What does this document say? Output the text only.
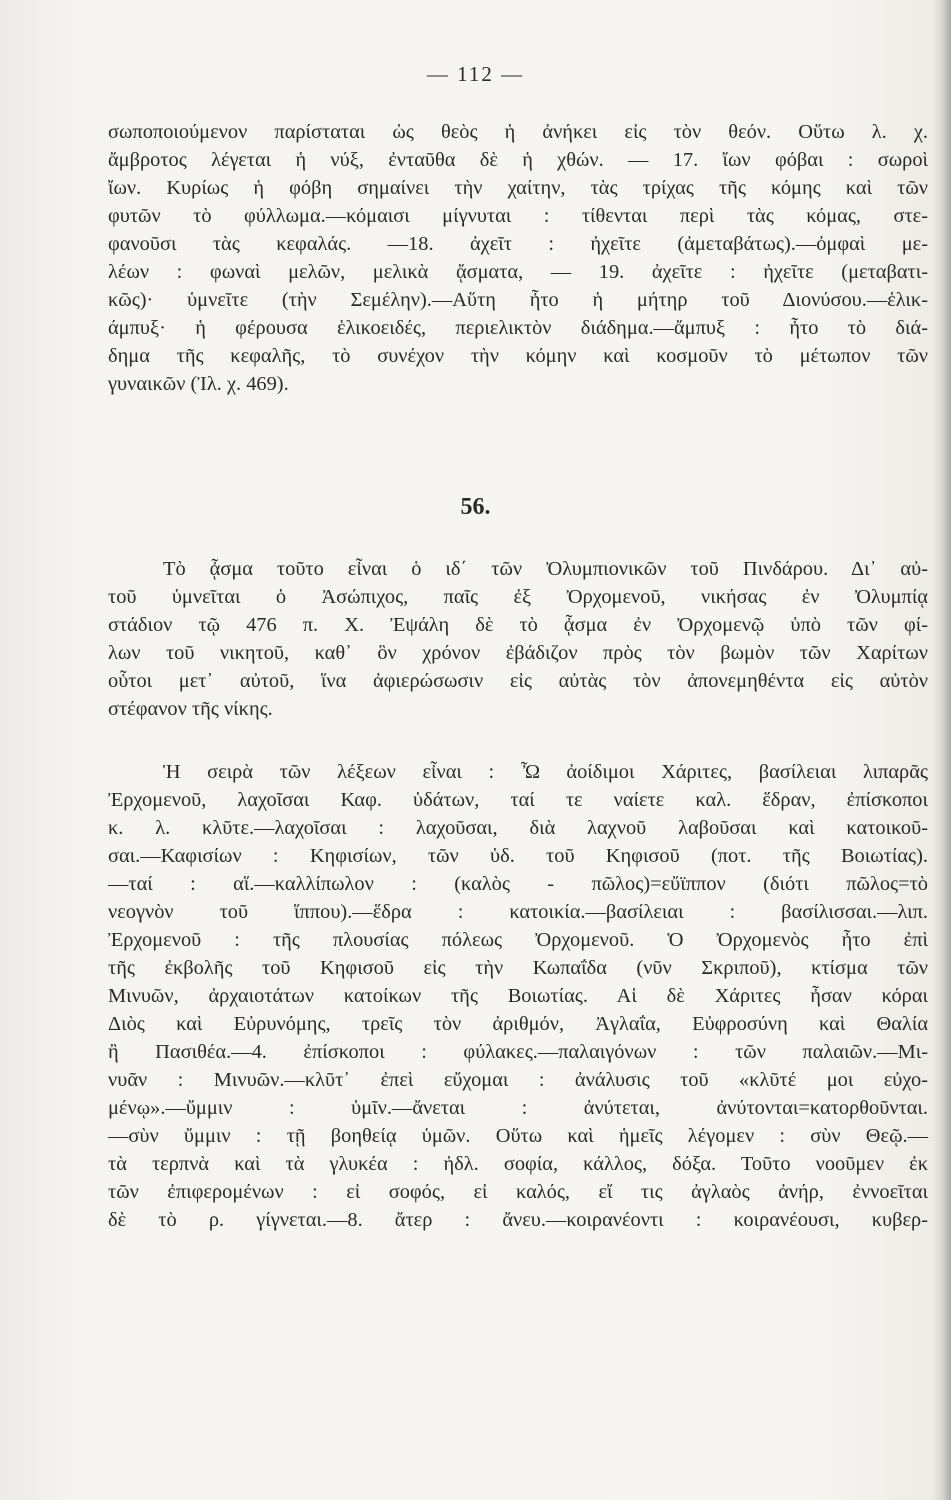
— 112 —
σωποποιούμενον παρίσταται ὡς θεὸς ἡ ἀνήκει εἰς τὸν θεόν. Οὕτω λ. χ.
ἄμβροτος λέγεται ἡ νύξ, ἐνταῦθα δὲ ἡ χθών. — 17. ἴων φόβαι : σωροὶ
ἴων. Κυρίως ἡ φόβη σημαίνει τὴν χαίτην, τὰς τρίχας τῆς κόμης καὶ τῶν
φυτῶν τὸ φύλλωμα.—κόμαισι μίγνυται : τίθενται περὶ τὰς κόμας, στε-
φανοῦσι τὰς κεφαλάς. —18. ἀχεῖτ : ἠχεῖτε (ἀμεταβάτως).—ὀμφαὶ με-
λέων : φωναὶ μελῶν, μελικὰ ᾄσματα, — 19. ἀχεῖτε : ἠχεῖτε (μεταβατι-
κῶς)· ὑμνεῖτε (τὴν Σεμέλην).—Αὕτη ἦτο ἡ μήτηρ τοῦ Διονύσου.—ἑλικ-
άμπυξ· ἡ φέρουσα ἑλικοειδές, περιελικτὸν διάδημα.—ἄμπυξ : ἦτο τὸ διά-
δημα τῆς κεφαλῆς, τὸ συνέχον τὴν κόμην καὶ κοσμοῦν τὸ μέτωπον τῶν
γυναικῶν (Ἰλ. χ. 469).
56.
Τὸ ᾆσμα τοῦτο εἶναι ὁ ιδ΄ τῶν Ὀλυμπιονικῶν τοῦ Πινδάρου. Δι᾿ αὐ-
τοῦ ὑμνεῖται ὁ Ἀσώπιχος, παῖς ἐξ Ὀρχομενοῦ, νικήσας ἐν Ὀλυμπίᾳ
στάδιον τῷ 476 π. Χ. Ἐψάλη δὲ τὸ ᾆσμα ἐν Ὀρχομενῷ ὑπὸ τῶν φί-
λων τοῦ νικητοῦ, καθ᾿ ὃν χρόνον ἐβάδιζον πρὸς τὸν βωμὸν τῶν Χαρίτων
οὗτοι μετ᾿ αὐτοῦ, ἵνα ἀφιερώσωσιν εἰς αὐτὰς τὸν ἀπονεμηθέντα εἰς αὐτὸν
στέφανον τῆς νίκης.
Ἡ σειρὰ τῶν λέξεων εἶναι : Ὦ ἀοίδιμοι Χάριτες, βασίλειαι λιπαρᾶς
Ἐρχομενοῦ, λαχοῖσαι Καφ. ὑδάτων, ταί τε ναίετε καλ. ἕδραν, ἐπίσκοποι
κ. λ. κλῦτε.—λαχοῖσαι : λαχοῦσαι, διὰ λαχνοῦ λαβοῦσαι καὶ κατοικοῦ-
σαι.—Καφισίων : Κηφισίων, τῶν ὑδ. τοῦ Κηφισοῦ (ποτ. τῆς Βοιωτίας).
—ταί : αἵ.—καλλίπωλον : (καλὸς - πῶλος)=εὔϊππον (διότι πῶλος=τὸ
νεογνὸν τοῦ ἵππου).—ἕδρα : κατοικία.—βασίλειαι : βασίλισσαι.—λιπ.
Ἐρχομενοῦ : τῆς πλουσίας πόλεως Ὀρχομενοῦ. Ὁ Ὀρχομενὸς ἦτο ἐπὶ
τῆς ἐκβολῆς τοῦ Κηφισοῦ εἰς τὴν Κωπαΐδα (νῦν Σκριποῦ), κτίσμα τῶν
Μινυῶν, ἀρχαιοτάτων κατοίκων τῆς Βοιωτίας. Αἱ δὲ Χάριτες ἦσαν κόραι
Διὸς καὶ Εὐρυνόμης, τρεῖς τὸν ἀριθμόν, Ἀγλαΐα, Εὐφροσύνη καὶ Θαλία
ἢ Πασιθέα.—4. ἐπίσκοποι : φύλακες.—παλαιγόνων : τῶν παλαιῶν.—Μι-
νυᾶν : Μινυῶν.—κλῦτ᾿ ἐπεὶ εὔχομαι : ἀνάλυσις τοῦ «κλῦτέ μοι εὐχο-
μένῳ».—ὔμμιν : ὑμῖν.—ἄνεται : ἀνύτεται, ἀνύτονται=κατορθοῦνται.
—σὺν ὔμμιν : τῇ βοηθείᾳ ὑμῶν. Οὕτω καὶ ἡμεῖς λέγομεν : σὺν Θεῷ.—
τὰ τερπνὰ καὶ τὰ γλυκέα : ἠδλ. σοφία, κάλλος, δόξα. Τοῦτο νοοῦμεν ἐκ
τῶν ἐπιφερομένων : εἰ σοφός, εἰ καλός, εἴ τις ἀγλαὸς ἀνήρ, ἐννοεῖται
δὲ τὸ ρ. γίγνεται.—8. ἄτερ : ἄνευ.—κοιρανέοντι : κοιρανέουσι, κυβερ-
